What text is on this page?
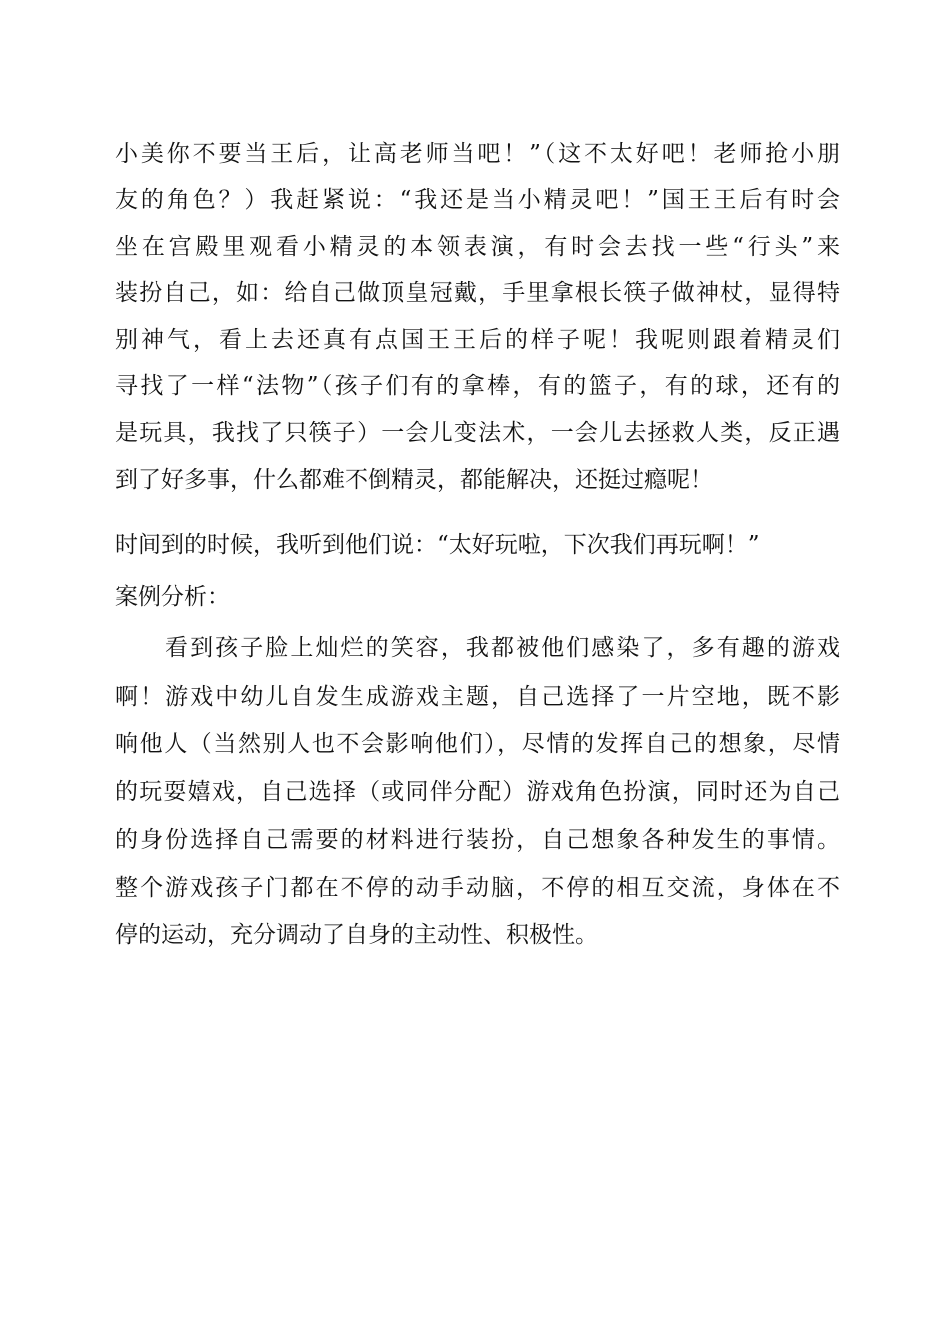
小美你不要当王后，让高老师当吧！”（这不太好吧！老师抢小朋
友的角色？）我赶紧说：“我还是当小精灵吧！”国王王后有时会
坐在宫殿里观看小精灵的本领表演，有时会去找一些“行头”来
装扮自己，如：给自己做顶皇冠戴，手里拿根长筷子做神杖，显得特
别神气，看上去还真有点国王王后的样子呢！我呢则跟着精灵们
寻找了一样“法物”（孩子们有的拿棒，有的篮子，有的球，还有的
是玩具，我找了只筷子）一会儿变法术，一会儿去拯救人类，反正遇
到了好多事，什么都难不倒精灵，都能解决，还挺过瘾呢！
时间到的时候，我听到他们说：“太好玩啦，下次我们再玩啊！”
案例分析：
看到孩子脸上灿烂的笑容，我都被他们感染了，多有趣的游戏
啊！游戏中幼儿自发生成游戏主题，自己选择了一片空地，既不影
响他人（当然别人也不会影响他们），尽情的发挥自己的想象，尽情
的玩耍嬉戏，自己选择（或同伴分配）游戏角色扮演，同时还为自己
的身份选择自己需要的材料进行装扮，自己想象各种发生的事情。
整个游戏孩子门都在不停的动手动脑，不停的相互交流，身体在不
停的运动，充分调动了自身的主动性、积极性。
